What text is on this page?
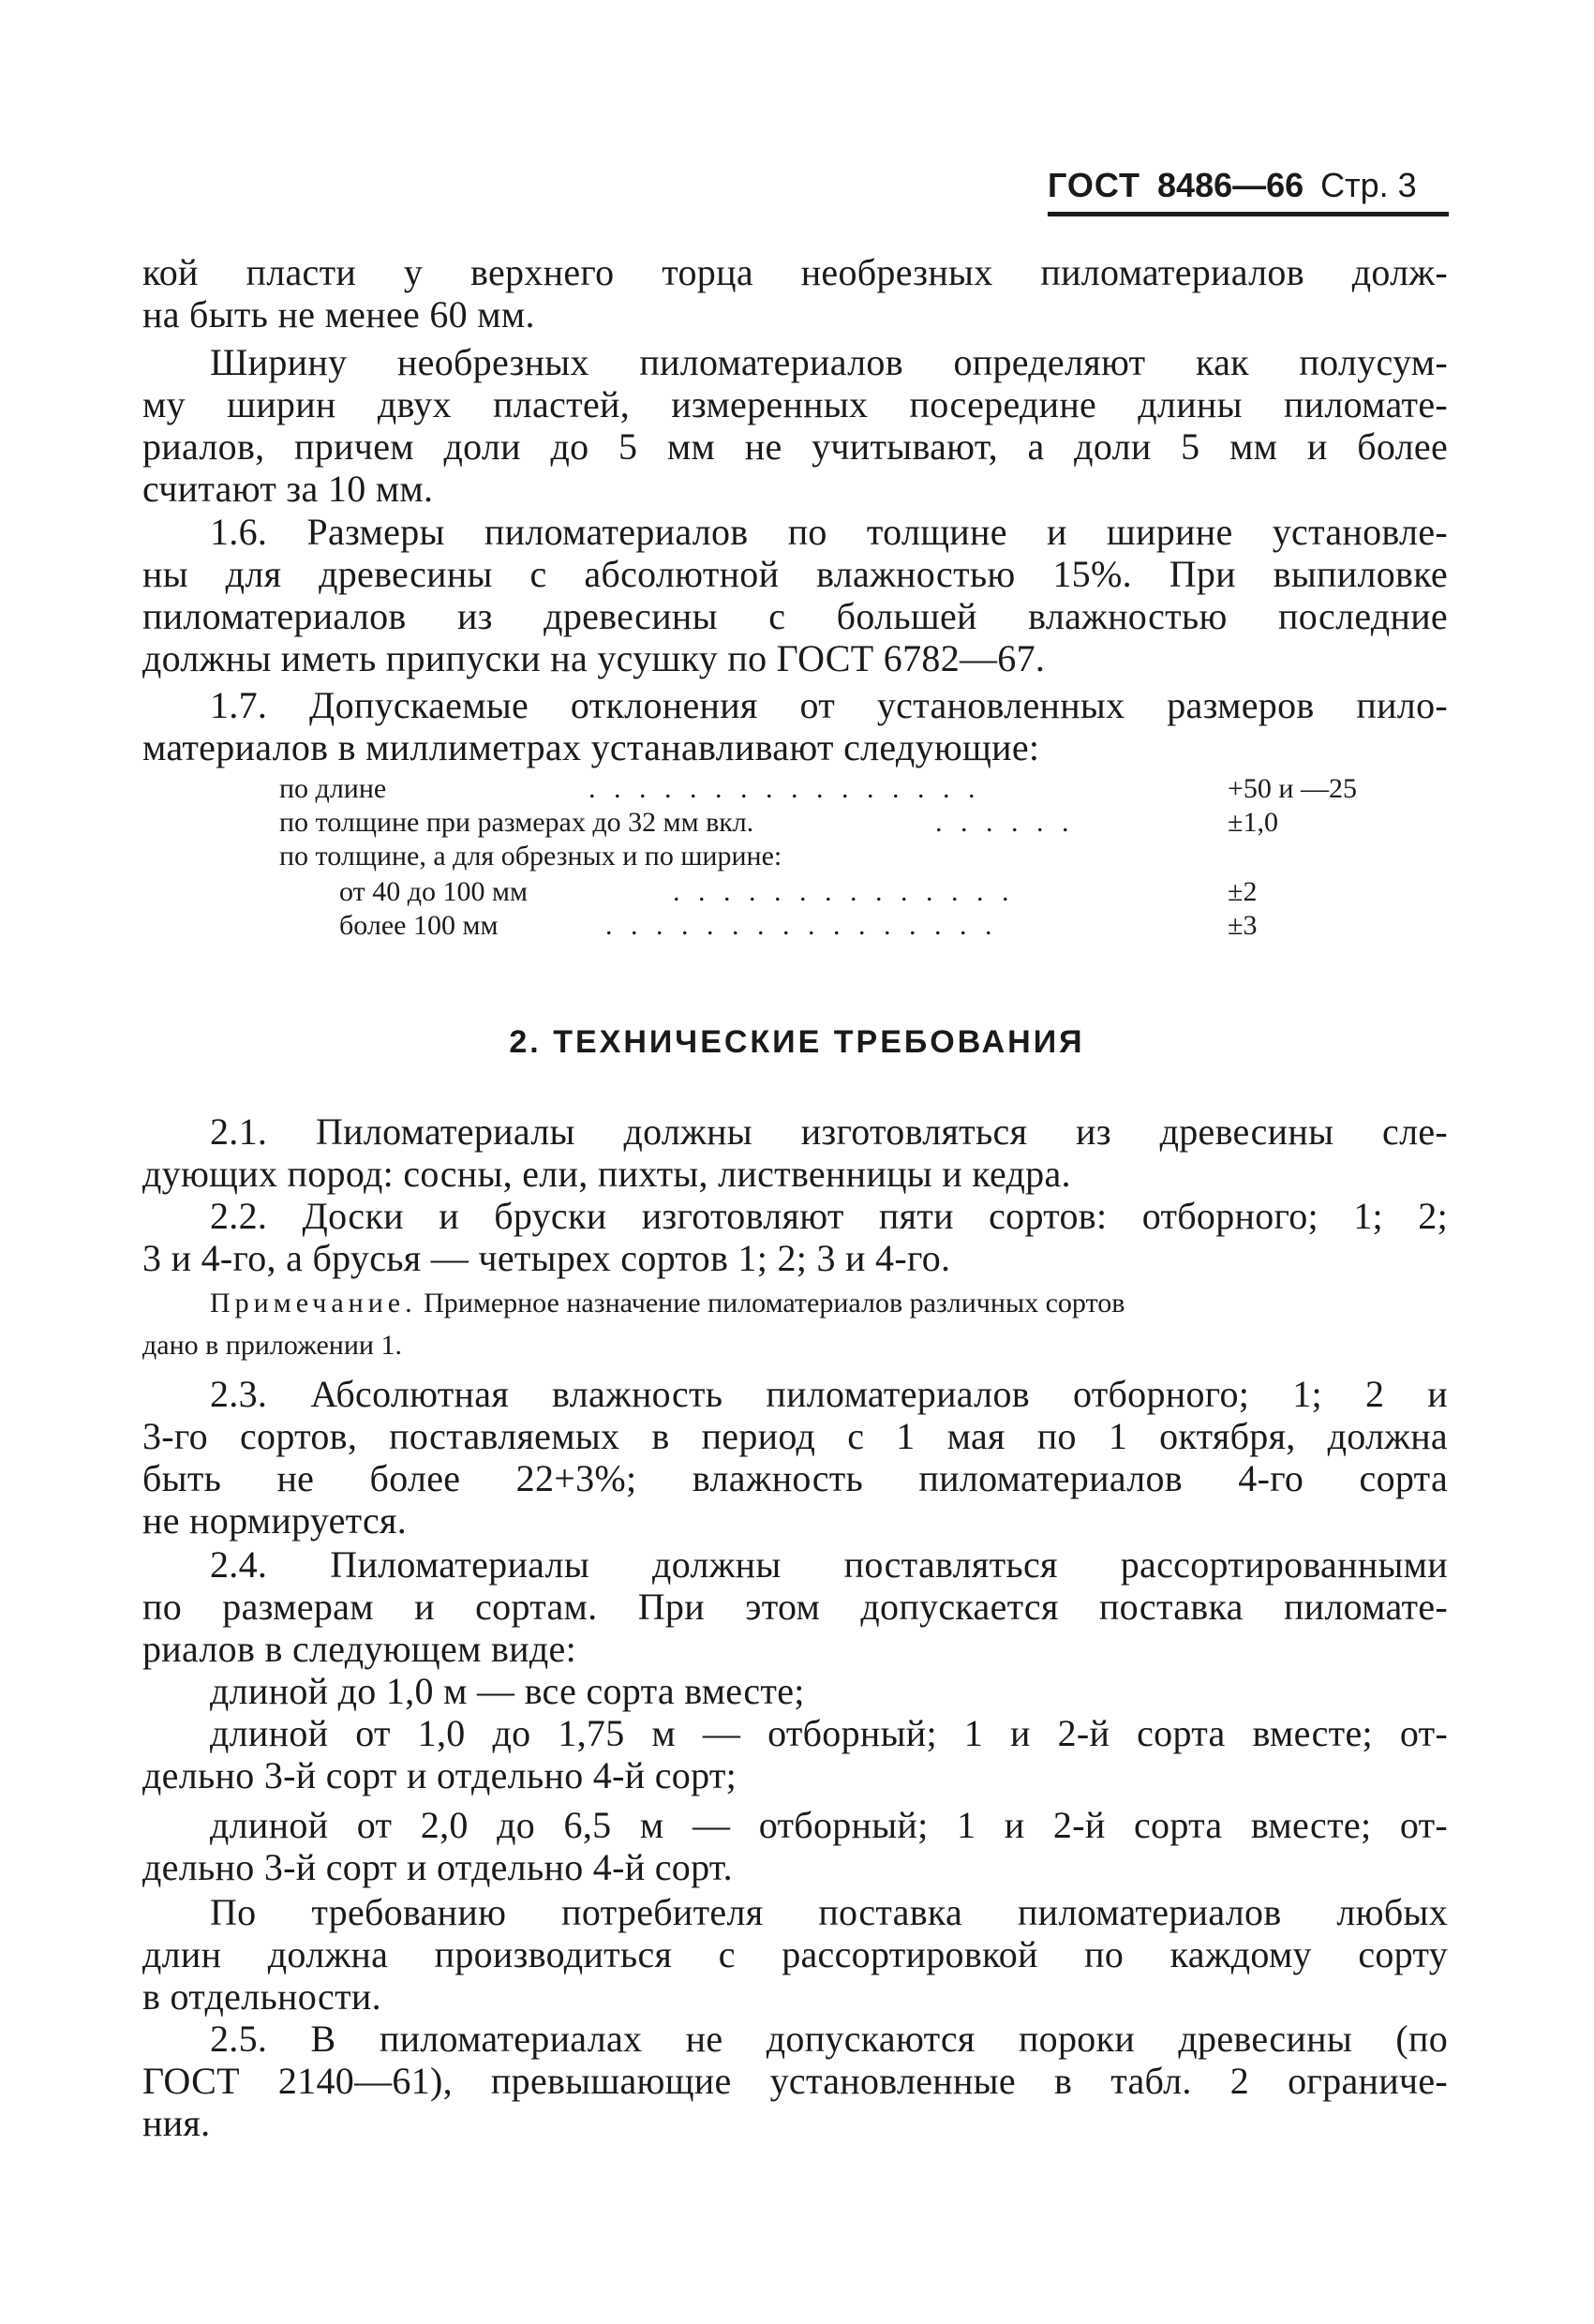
ГОСТ 8486—66 Стр. 3
кой пласти у верхнего торца необрезных пиломатериалов долж-
на быть не менее 60 мм.
Ширину необрезных пиломатериалов определяют как полусум-
му ширин двух пластей, измеренных посередине длины пиломате-
риалов, причем доли до 5 мм не учитывают, а доли 5 мм и более
считают за 10 мм.
1.6. Размеры пиломатериалов по толщине и ширине установле-
ны для древесины с абсолютной влажностью 15%. При выпиловке
пиломатериалов из древесины с большей влажностью последние
должны иметь припуски на усушку по ГОСТ 6782—67.
1.7. Допускаемые отклонения от установленных размеров пило-
материалов в миллиметрах устанавливают следующие:
по длине	. . . . . . . . . . . . . . . .	+50 и —25
по толщине при размерах до 32 мм вкл.	. . . . . .	±1,0
по толщине, а для обрезных и по ширине:
от 40 до 100 мм	. . . . . . . . . . . . . .	±2
более 100 мм	. . . . . . . . . . . . . . . .	±3
2. ТЕХНИЧЕСКИЕ ТРЕБОВАНИЯ
2.1. Пиломатериалы должны изготовляться из древесины сле-
дующих пород: сосны, ели, пихты, лиственницы и кедра.
2.2. Доски и бруски изготовляют пяти сортов: отборного; 1; 2;
3 и 4-го, а брусья — четырех сортов 1; 2; 3 и 4-го.
Примечание. Примерное назначение пиломатериалов различных сортов
дано в приложении 1.
2.3. Абсолютная влажность пиломатериалов отборного; 1; 2 и
3-го сортов, поставляемых в период с 1 мая по 1 октября, должна
быть не более 22+3%; влажность пиломатериалов 4-го сорта
не нормируется.
2.4. Пиломатериалы должны поставляться рассортированными
по размерам и сортам. При этом допускается поставка пиломате-
риалов в следующем виде:
длиной до 1,0 м — все сорта вместе;
длиной от 1,0 до 1,75 м — отборный; 1 и 2-й сорта вместе; от-
дельно 3-й сорт и отдельно 4-й сорт;
длиной от 2,0 до 6,5 м — отборный; 1 и 2-й сорта вместе; от-
дельно 3-й сорт и отдельно 4-й сорт.
По требованию потребителя поставка пиломатериалов любых
длин должна производиться с рассортировкой по каждому сорту
в отдельности.
2.5. В пиломатериалах не допускаются пороки древесины (по
ГОСТ 2140—61), превышающие установленные в табл. 2 ограниче-
ния.
